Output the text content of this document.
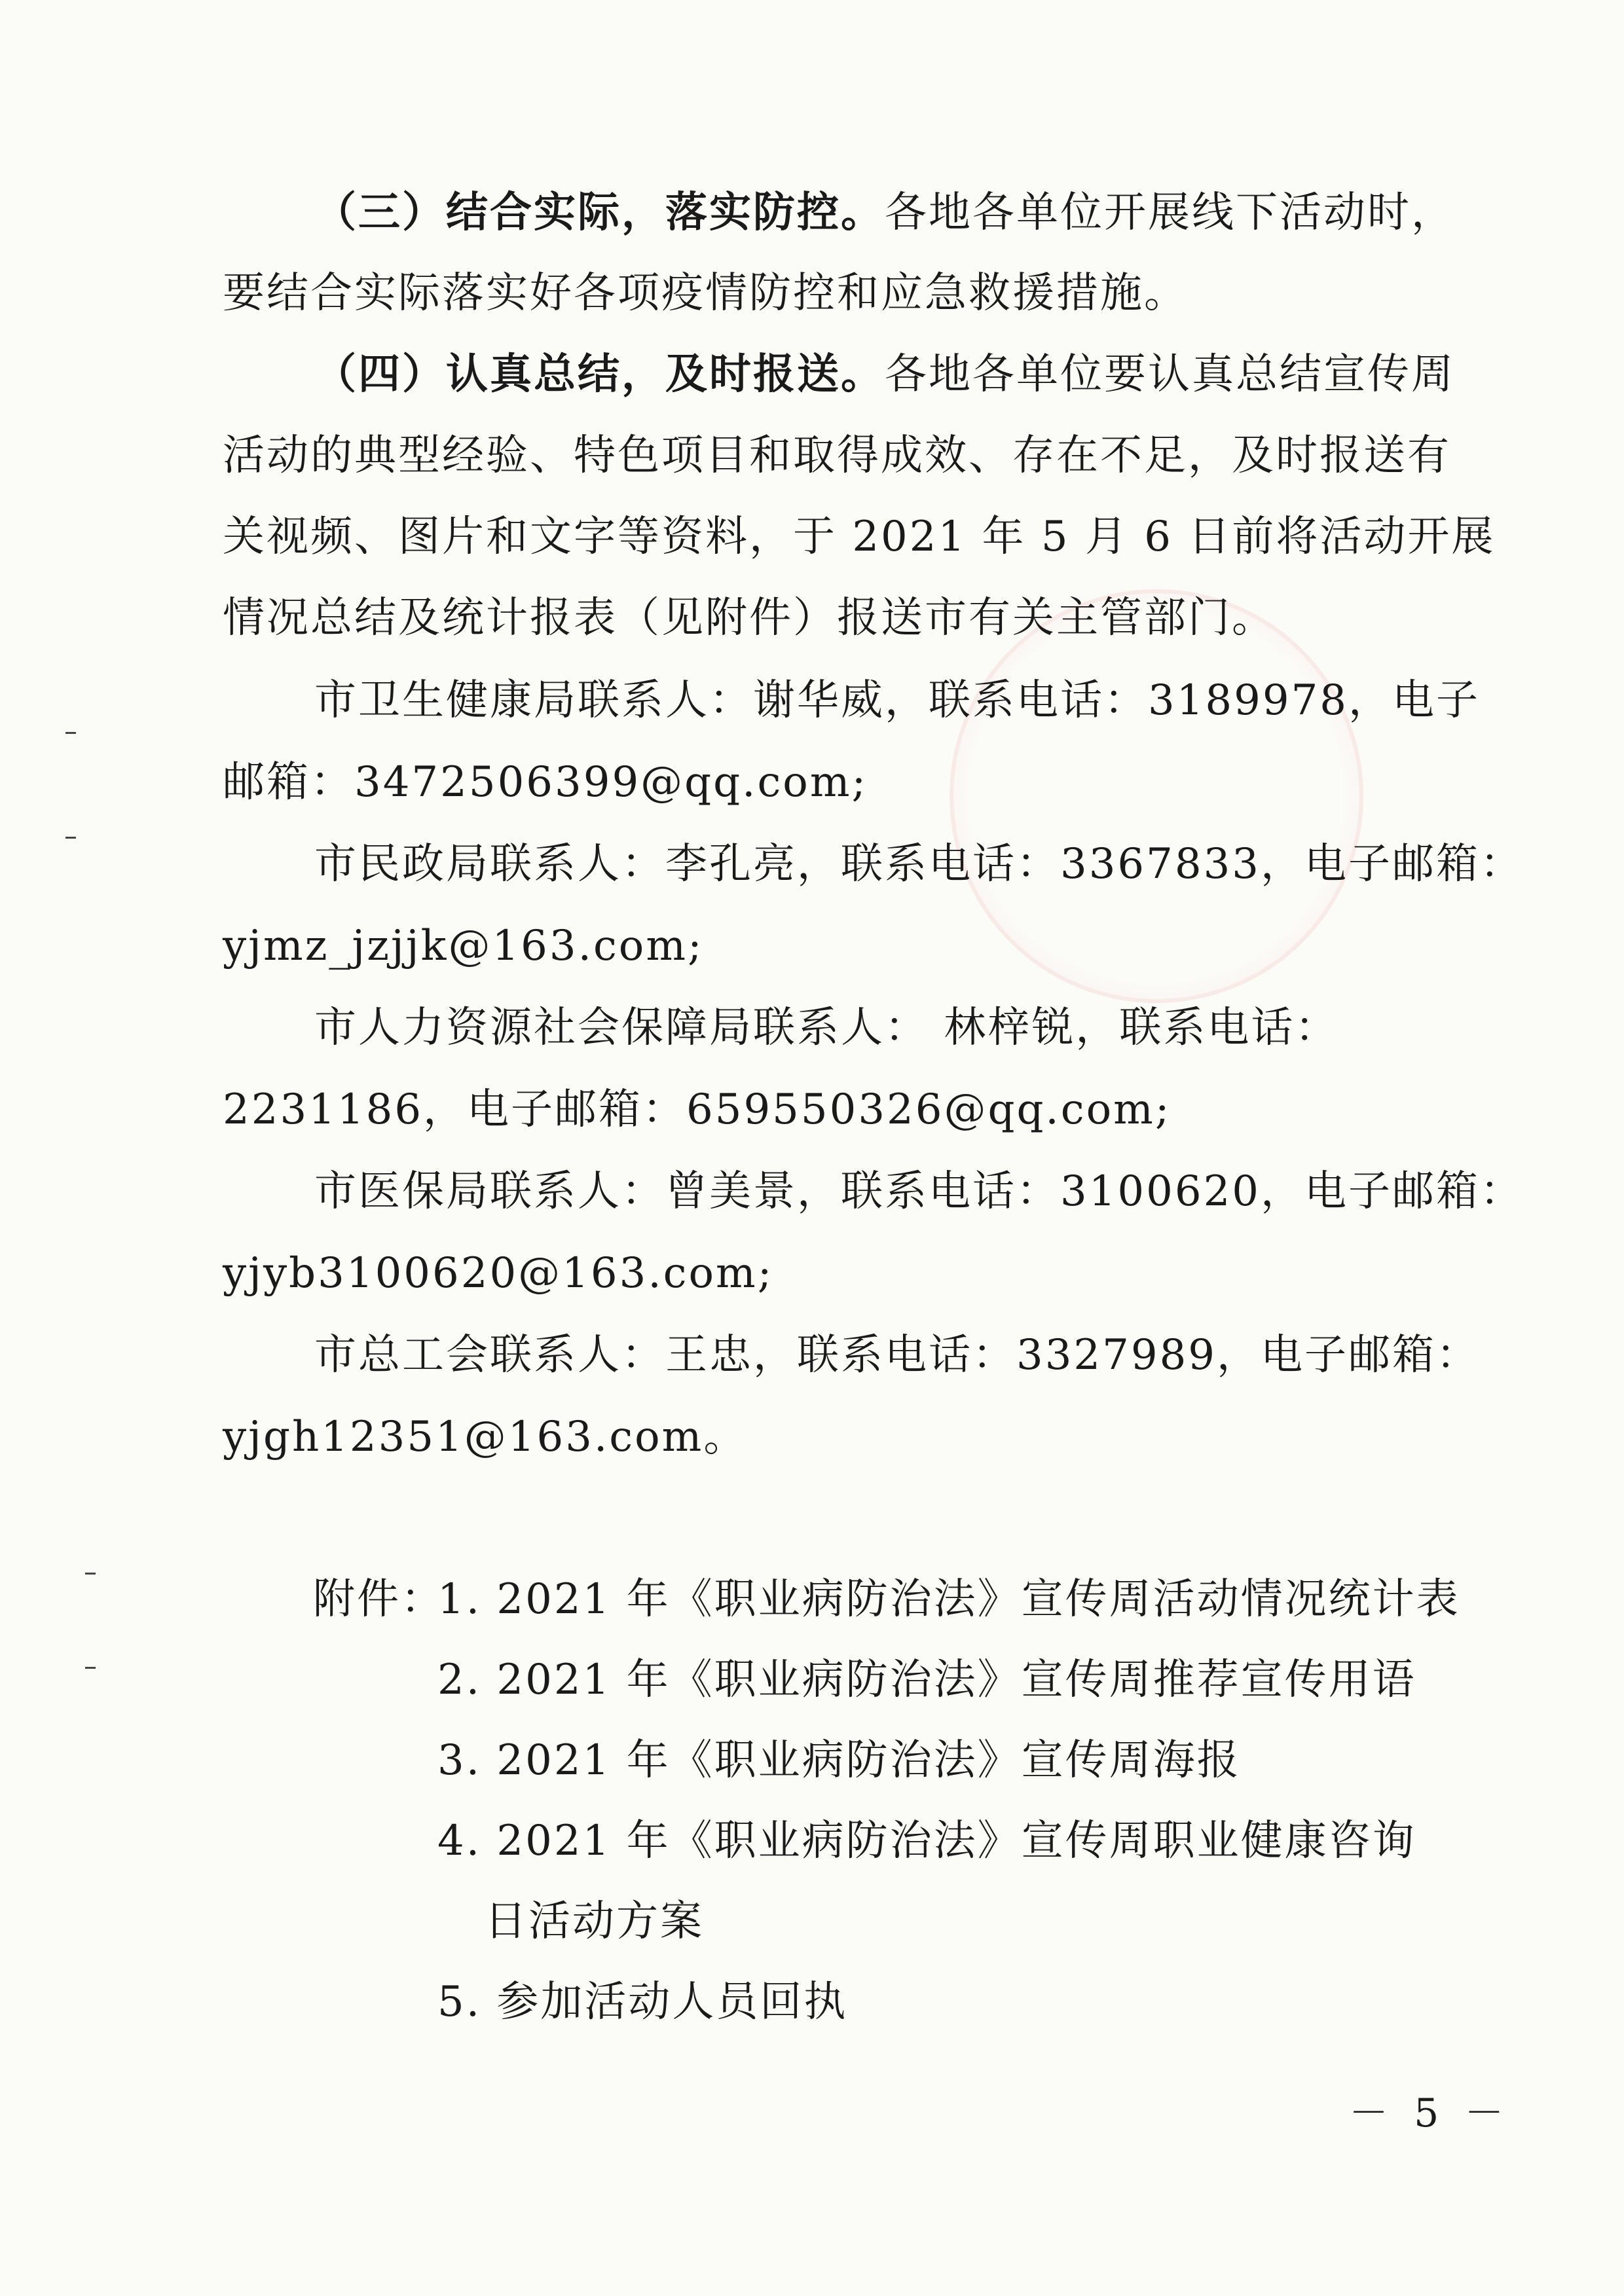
（三）结合实际，落实防控。各地各单位开展线下活动时，
要结合实际落实好各项疫情防控和应急救援措施。
（四）认真总结，及时报送。各地各单位要认真总结宣传周
活动的典型经验、特色项目和取得成效、存在不足，及时报送有
关视频、图片和文字等资料，于 2021 年 5 月 6 日前将活动开展
情况总结及统计报表（见附件）报送市有关主管部门。
市卫生健康局联系人：谢华威，联系电话：3189978，电子
邮箱：3472506399@qq.com;
市民政局联系人：李孔亮，联系电话：3367833，电子邮箱：
yjmz_jzjjk@163.com;
市人力资源社会保障局联系人： 林梓锐，联系电话：
2231186，电子邮箱：659550326@qq.com;
市医保局联系人：曾美景，联系电话：3100620，电子邮箱：
yjyb3100620@163.com;
市总工会联系人：王忠，联系电话：3327989，电子邮箱：
yjgh12351@163.com。
附件：
1. 2021 年《职业病防治法》宣传周活动情况统计表
2. 2021 年《职业病防治法》宣传周推荐宣传用语
3. 2021 年《职业病防治法》宣传周海报
4. 2021 年《职业病防治法》宣传周职业健康咨询
日活动方案
5. 参加活动人员回执
－ 5 －
